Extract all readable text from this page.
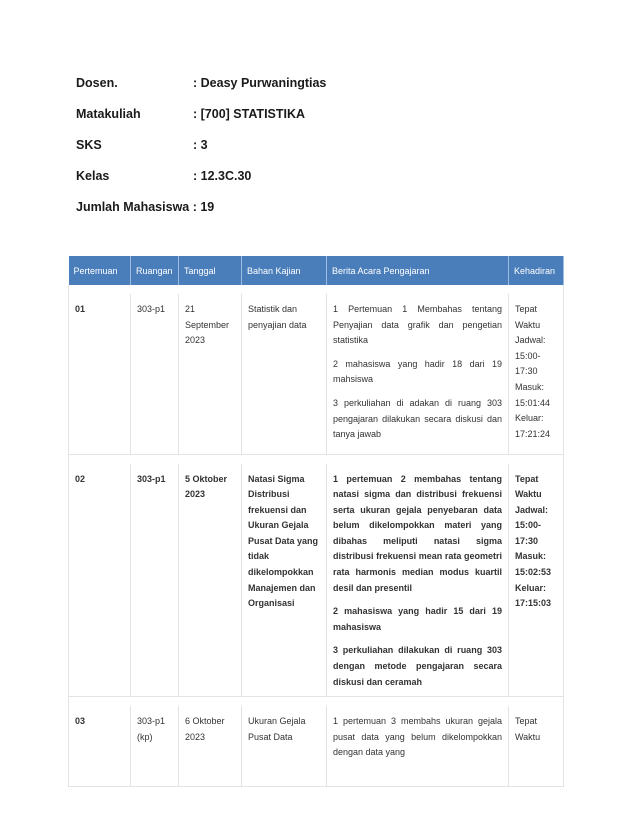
Dosen.	: Deasy Purwaningtias
Matakuliah	: [700] STATISTIKA
SKS	: 3
Kelas	: 12.3C.30
Jumlah Mahasiswa : 19
Pertemuan	Ruangan	Tanggal	Bahan Kajian	Berita Acara Pengajaran	Kehadiran

01	303-p1	21 September 2023	Statistik dan penyajian data	1 Pertemuan 1 Membahas tentang Penyajian data grafik dan pengetian statistika

2 mahasiswa yang hadir 18 dari 19 mahsiswa

3 perkuliahan di adakan di ruang 303 pengajaran dilakukan secara diskusi dan tanya jawab	Tepat Waktu Jadwal: 15:00-17:30 Masuk: 15:01:44 Keluar: 17:21:24

02	303-p1	5 Oktober 2023	Natasi Sigma Distribusi frekuensi dan Ukuran Gejala Pusat Data yang tidak dikelompokkan Manajemen dan Organisasi	1 pertemuan 2 membahas tentang natasi sigma dan distribusi frekuensi serta ukuran gejala penyebaran data belum dikelompokkan materi yang dibahas meliputi natasi sigma distribusi frekuensi mean rata geometri rata harmonis median modus kuartil desil dan presentil

2 mahasiswa yang hadir 15 dari 19 mahasiswa

3 perkuliahan dilakukan di ruang 303 dengan metode pengajaran secara diskusi dan ceramah	Tepat Waktu Jadwal: 15:00-17:30 Masuk: 15:02:53 Keluar: 17:15:03

03	303-p1 (kp)	6 Oktober 2023	Ukuran Gejala Pusat Data	1 pertemuan 3 membahs ukuran gejala pusat data yang belum dikelompokkan dengan data yang	Tepat Waktu
